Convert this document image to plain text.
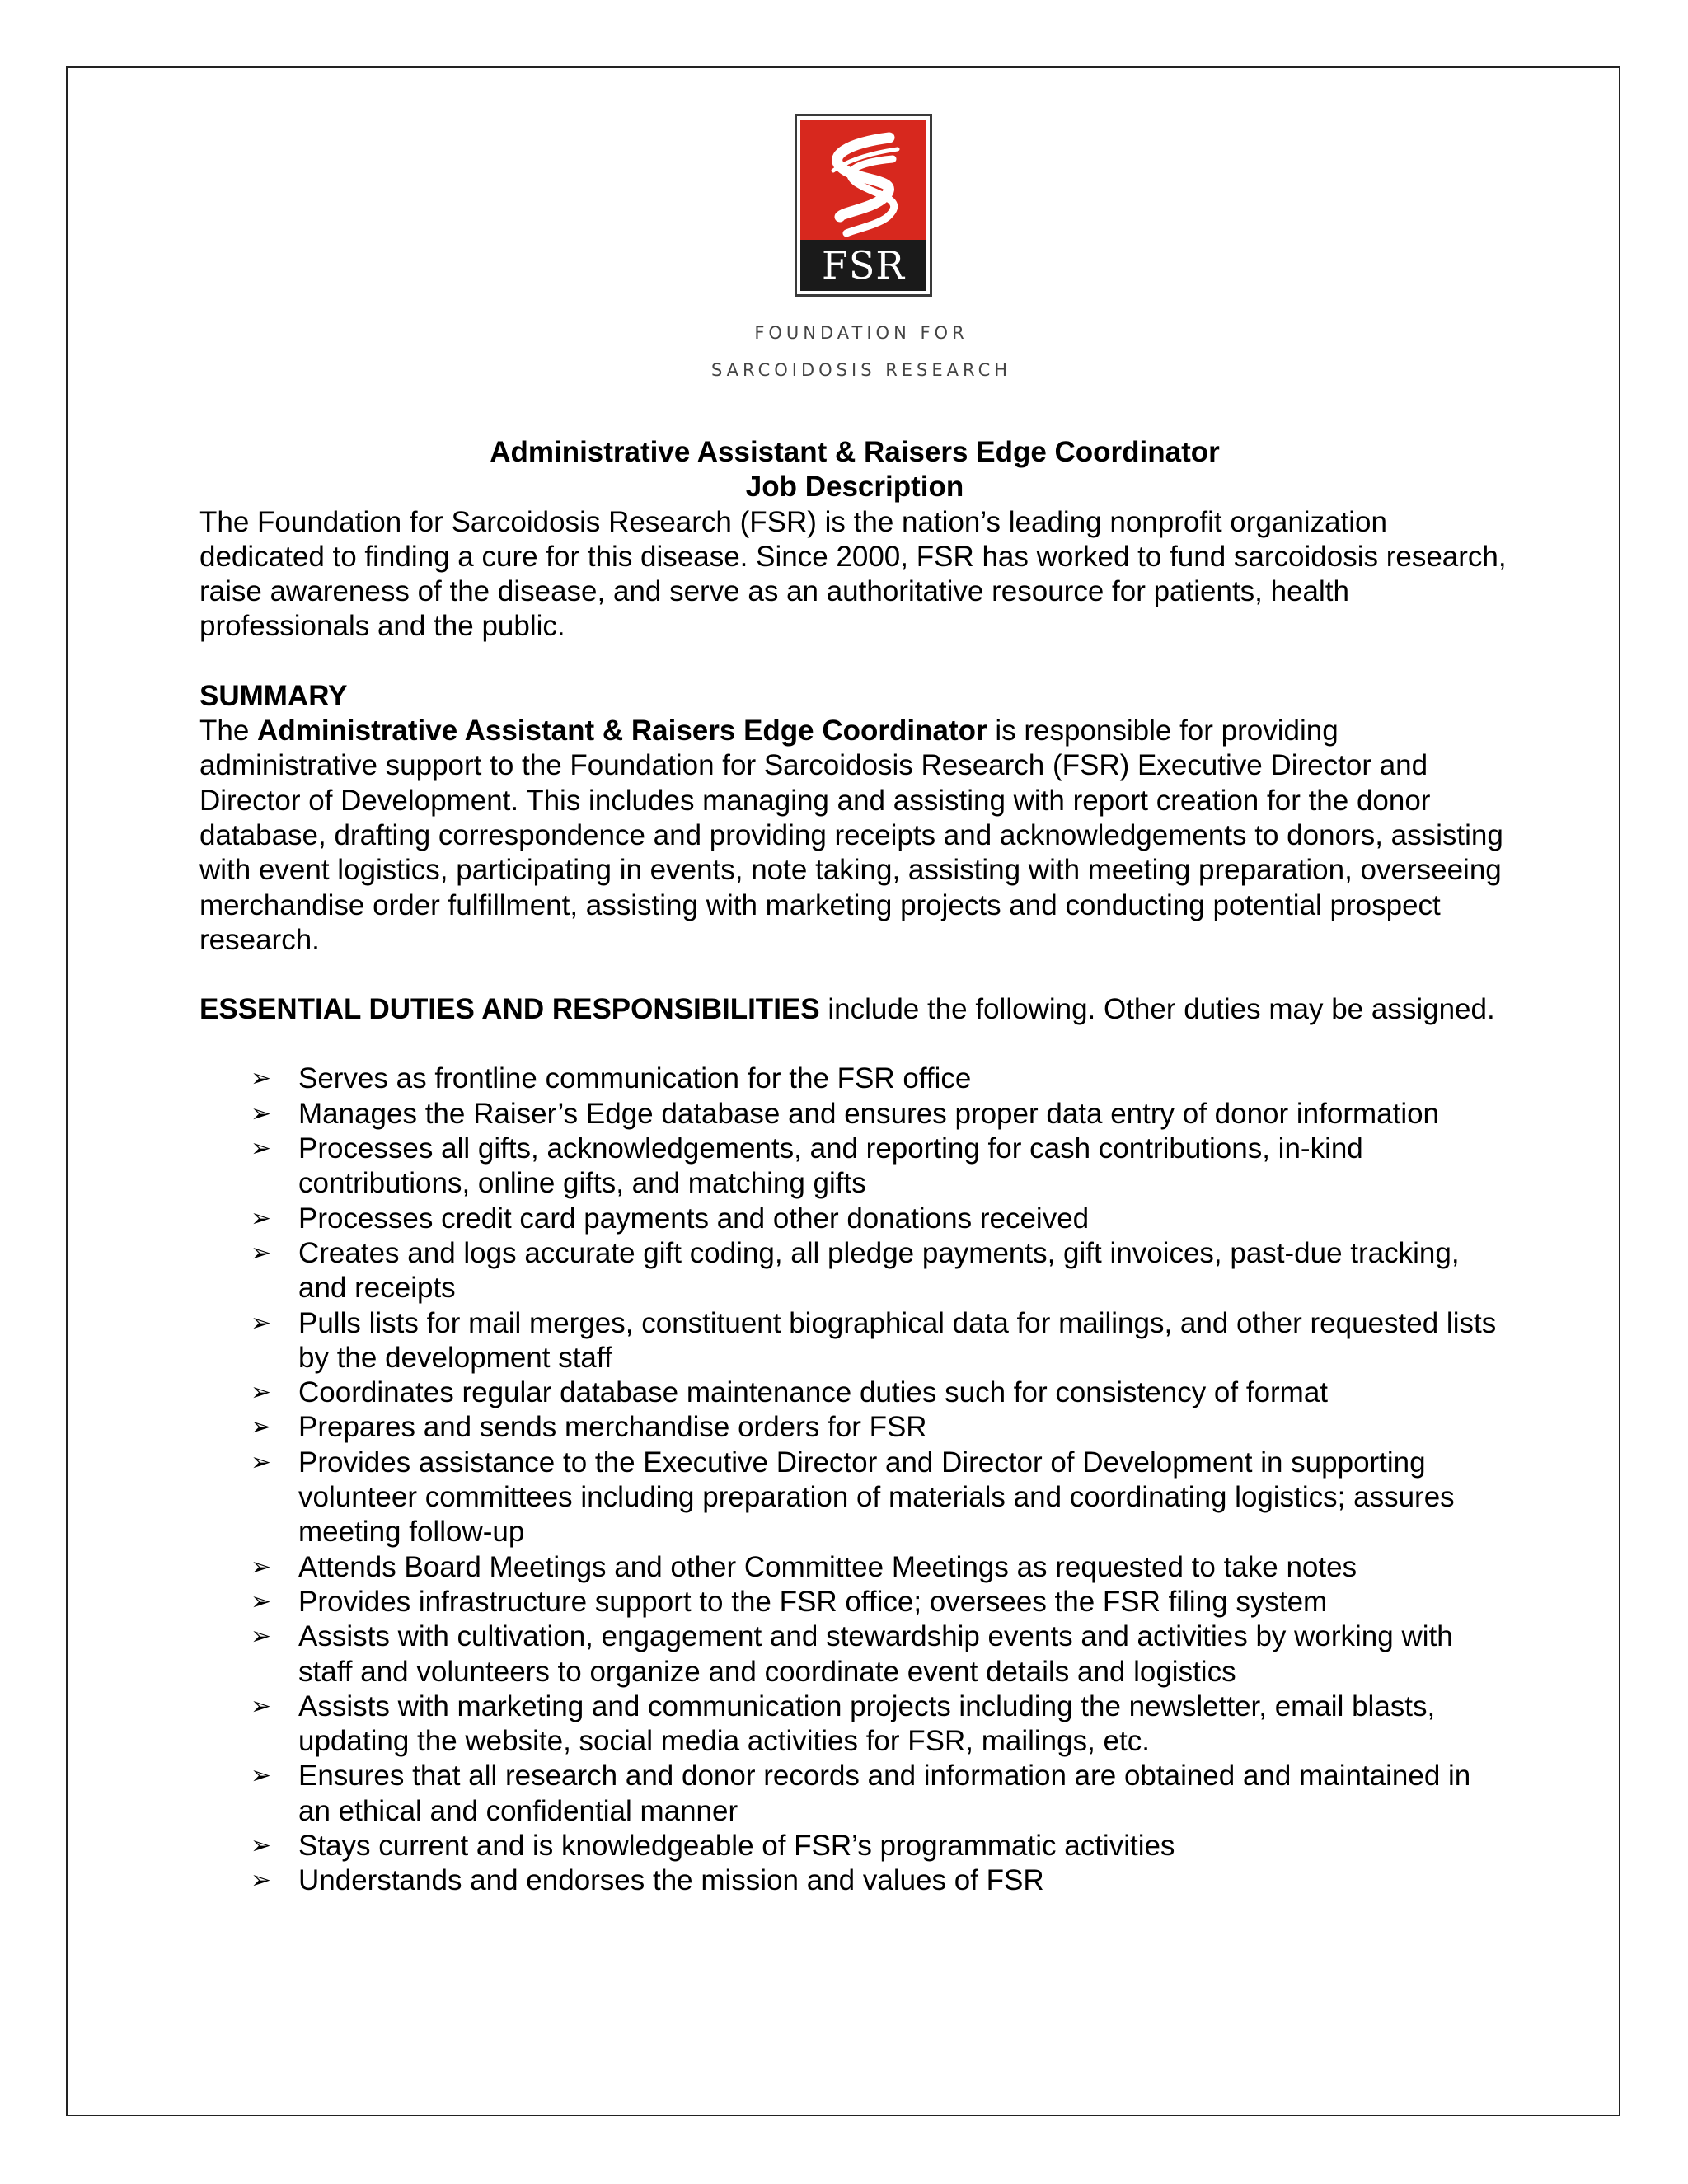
FSR
FOUNDATION FOR
SARCOIDOSIS RESEARCH

Administrative Assistant & Raisers Edge Coordinator

Job Description

The Foundation for Sarcoidosis Research (FSR) is the nation’s leading nonprofit organization dedicated to finding a cure for this disease. Since 2000, FSR has worked to fund sarcoidosis research, raise awareness of the disease, and serve as an authoritative resource for patients, health professionals and the public.

SUMMARY

The Administrative Assistant & Raisers Edge Coordinator is responsible for providing administrative support to the Foundation for Sarcoidosis Research (FSR) Executive Director and Director of Development. This includes managing and assisting with report creation for the donor database, drafting correspondence and providing receipts and acknowledgements to donors, assisting with event logistics, participating in events, note taking, assisting with meeting preparation, overseeing merchandise order fulfillment, assisting with marketing projects and conducting potential prospect research.

ESSENTIAL DUTIES AND RESPONSIBILITIES include the following. Other duties may be assigned.

➢ Serves as frontline communication for the FSR office
➢ Manages the Raiser’s Edge database and ensures proper data entry of donor information
➢ Processes all gifts, acknowledgements, and reporting for cash contributions, in-kind contributions, online gifts, and matching gifts
➢ Processes credit card payments and other donations received
➢ Creates and logs accurate gift coding, all pledge payments, gift invoices, past-due tracking, and receipts
➢ Pulls lists for mail merges, constituent biographical data for mailings, and other requested lists by the development staff
➢ Coordinates regular database maintenance duties such for consistency of format
➢ Prepares and sends merchandise orders for FSR
➢ Provides assistance to the Executive Director and Director of Development in supporting volunteer committees including preparation of materials and coordinating logistics; assures meeting follow-up
➢ Attends Board Meetings and other Committee Meetings as requested to take notes
➢ Provides infrastructure support to the FSR office; oversees the FSR filing system
➢ Assists with cultivation, engagement and stewardship events and activities by working with staff and volunteers to organize and coordinate event details and logistics
➢ Assists with marketing and communication projects including the newsletter, email blasts, updating the website, social media activities for FSR, mailings, etc.
➢ Ensures that all research and donor records and information are obtained and maintained in an ethical and confidential manner
➢ Stays current and is knowledgeable of FSR’s programmatic activities
➢ Understands and endorses the mission and values of FSR
